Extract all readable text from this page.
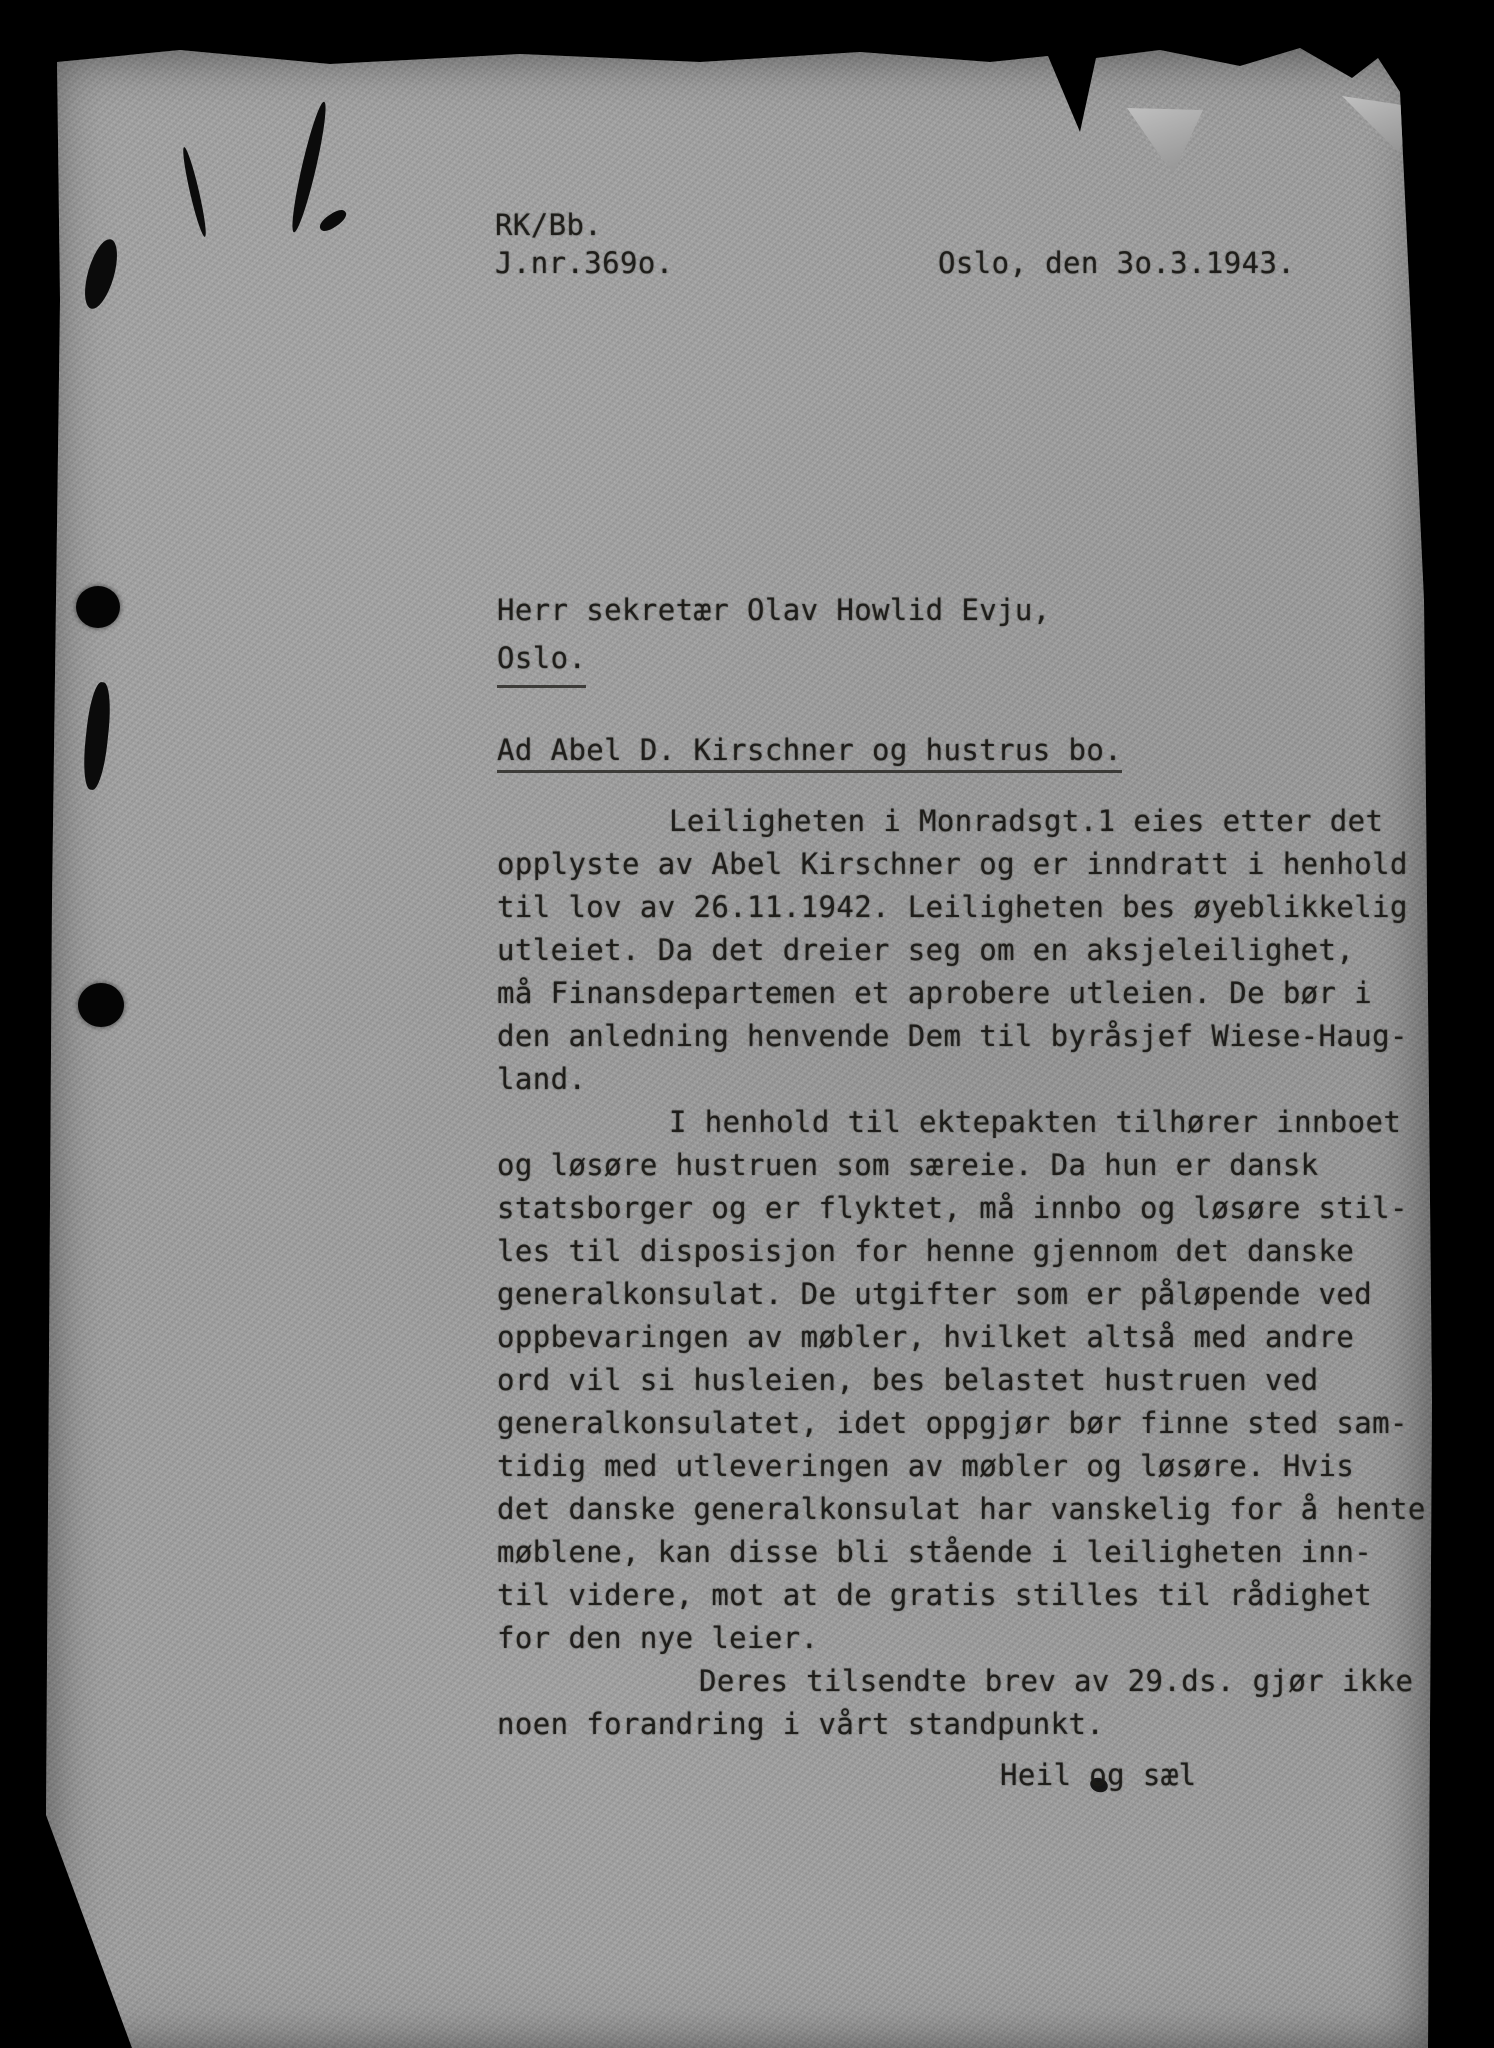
RK/Bb.
J.nr.369o.	Oslo, den 3o.3.1943.
Herr sekretær Olav Howlid Evju,
Oslo.
Ad Abel D. Kirschner og hustrus bo.
Leiligheten i Monradsgt.1 eies etter det
opplyste av Abel Kirschner og er inndratt i henhold
til lov av 26.11.1942. Leiligheten bes øyeblikkelig
utleiet. Da det dreier seg om en aksjeleilighet,
må Finansdepartemen et aprobere utleien. De bør i
den anledning henvende Dem til byråsjef Wiese-Haug-
land.
I henhold til ektepakten tilhører innboet
og løsøre hustruen som særeie. Da hun er dansk
statsborger og er flyktet, må innbo og løsøre stil-
les til disposisjon for henne gjennom det danske
generalkonsulat. De utgifter som er påløpende ved
oppbevaringen av møbler, hvilket altså med andre
ord vil si husleien, bes belastet hustruen ved
generalkonsulatet, idet oppgjør bør finne sted sam-
tidig med utleveringen av møbler og løsøre. Hvis
det danske generalkonsulat har vanskelig for å hente
møblene, kan disse bli stående i leiligheten inn-
til videre, mot at de gratis stilles til rådighet
for den nye leier.
Deres tilsendte brev av 29.ds. gjør ikke
noen forandring i vårt standpunkt.
Heil og sæl
